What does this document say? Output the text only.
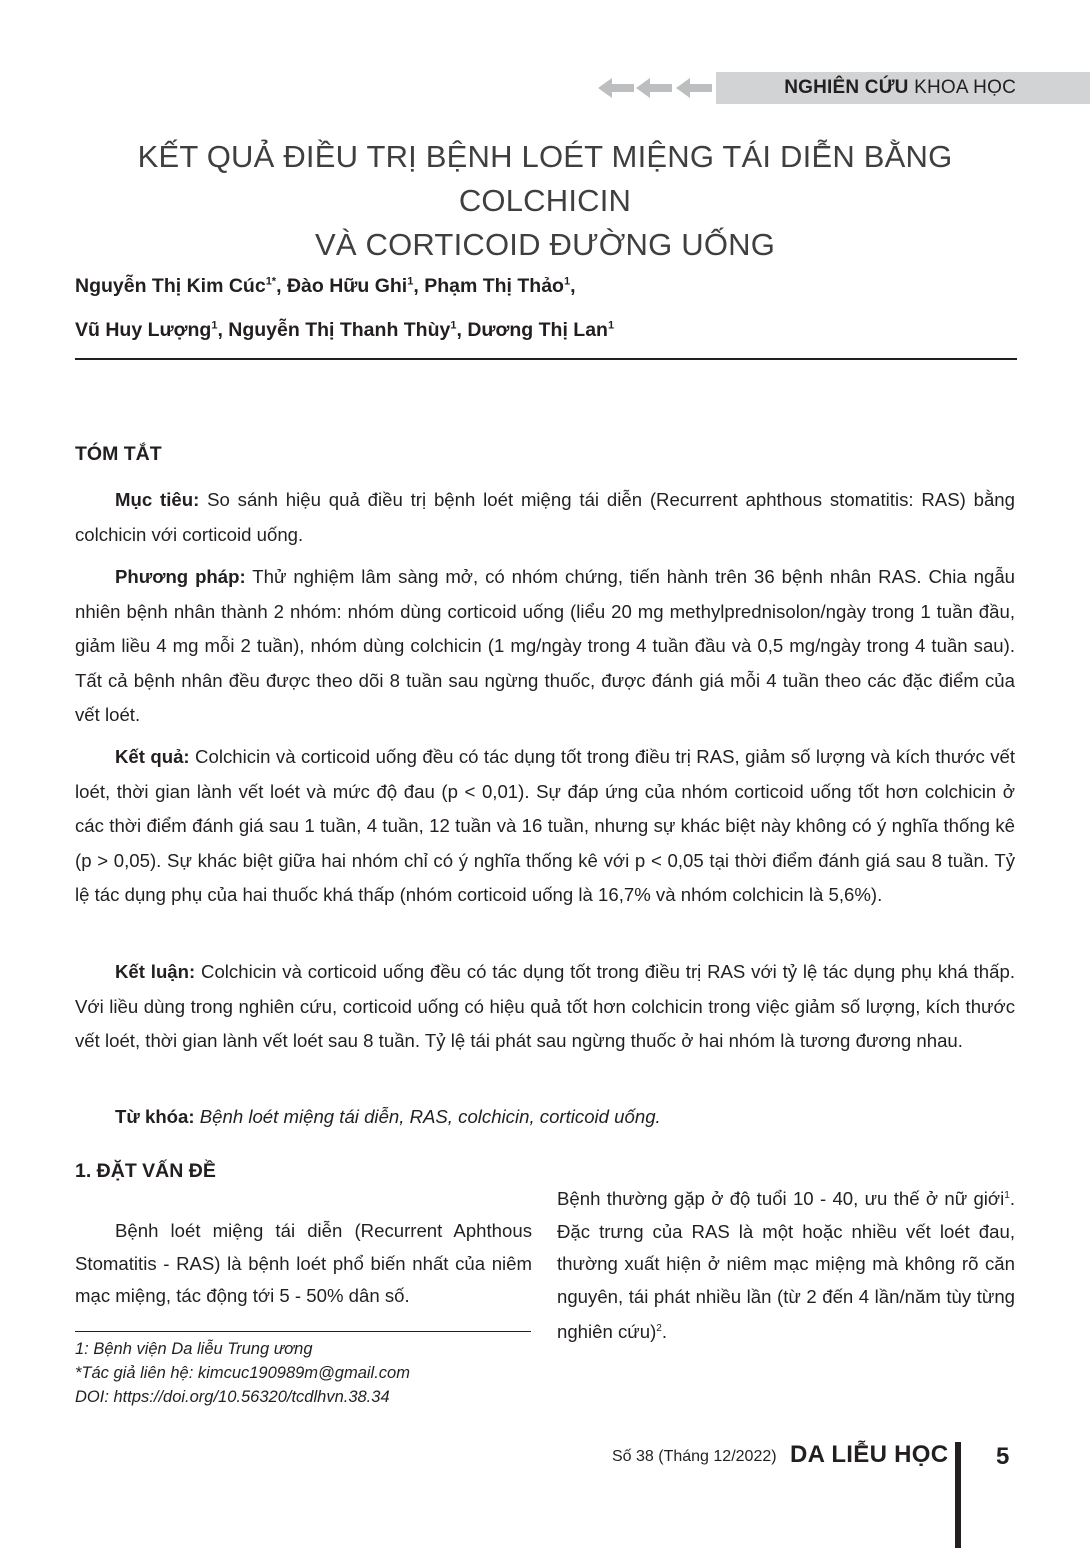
NGHIÊN CỨU KHOA HỌC
KẾT QUẢ ĐIỀU TRỊ BỆNH LOÉT MIỆNG TÁI DIỄN BẰNG COLCHICIN
VÀ CORTICOID ĐƯỜNG UỐNG
Nguyễn Thị Kim Cúc$^{1*}$, Đào Hữu Ghi$^1$, Phạm Thị Thảo$^1$,
Vũ Huy Lượng$^1$, Nguyễn Thị Thanh Thùy$^1$, Dương Thị Lan$^1$
TÓM TẮT
Mục tiêu: So sánh hiệu quả điều trị bệnh loét miệng tái diễn (Recurrent aphthous stomatitis: RAS) bằng colchicin với corticoid uống.
Phương pháp: Thử nghiệm lâm sàng mở, có nhóm chứng, tiến hành trên 36 bệnh nhân RAS. Chia ngẫu nhiên bệnh nhân thành 2 nhóm: nhóm dùng corticoid uống (liểu 20 mg methylprednisolon/ngày trong 1 tuần đầu, giảm liều 4 mg mỗi 2 tuần), nhóm dùng colchicin (1 mg/ngày trong 4 tuần đầu và 0,5 mg/ngày trong 4 tuần sau). Tất cả bệnh nhân đều được theo dõi 8 tuần sau ngừng thuốc, được đánh giá mỗi 4 tuần theo các đặc điểm của vết loét.
Kết quả: Colchicin và corticoid uống đều có tác dụng tốt trong điều trị RAS, giảm số lượng và kích thước vết loét, thời gian lành vết loét và mức độ đau (p < 0,01). Sự đáp ứng của nhóm corticoid uống tốt hơn colchicin ở các thời điểm đánh giá sau 1 tuần, 4 tuần, 12 tuần và 16 tuần, nhưng sự khác biệt này không có ý nghĩa thống kê (p > 0,05). Sự khác biệt giữa hai nhóm chỉ có ý nghĩa thống kê với p < 0,05 tại thời điểm đánh giá sau 8 tuần. Tỷ lệ tác dụng phụ của hai thuốc khá thấp (nhóm corticoid uống là 16,7% và nhóm colchicin là 5,6%).
Kết luận: Colchicin và corticoid uống đều có tác dụng tốt trong điều trị RAS với tỷ lệ tác dụng phụ khá thấp. Với liều dùng trong nghiên cứu, corticoid uống có hiệu quả tốt hơn colchicin trong việc giảm số lượng, kích thước vết loét, thời gian lành vết loét sau 8 tuần. Tỷ lệ tái phát sau ngừng thuốc ở hai nhóm là tương đương nhau.
Từ khóa: Bệnh loét miệng tái diễn, RAS, colchicin, corticoid uống.
1. ĐẶT VẤN ĐỀ
Bệnh loét miệng tái diễn (Recurrent Aphthous Stomatitis - RAS) là bệnh loét phổ biến nhất của niêm mạc miệng, tác động tới 5 - 50% dân số.
Bệnh thường gặp ở độ tuổi 10 - 40, ưu thế ở nữ giới$^1$. Đặc trưng của RAS là một hoặc nhiều vết loét đau, thường xuất hiện ở niêm mạc miệng mà không rõ căn nguyên, tái phát nhiều lần (từ 2 đến 4 lần/năm tùy từng nghiên cứu)$^2$.
1: Bệnh viện Da liễu Trung ương
*Tác giả liên hệ: kimcuc190989m@gmail.com
DOI: https://doi.org/10.56320/tcdlhvn.38.34
Số 38 (Tháng 12/2022) DA LIỄU HỌC 5
